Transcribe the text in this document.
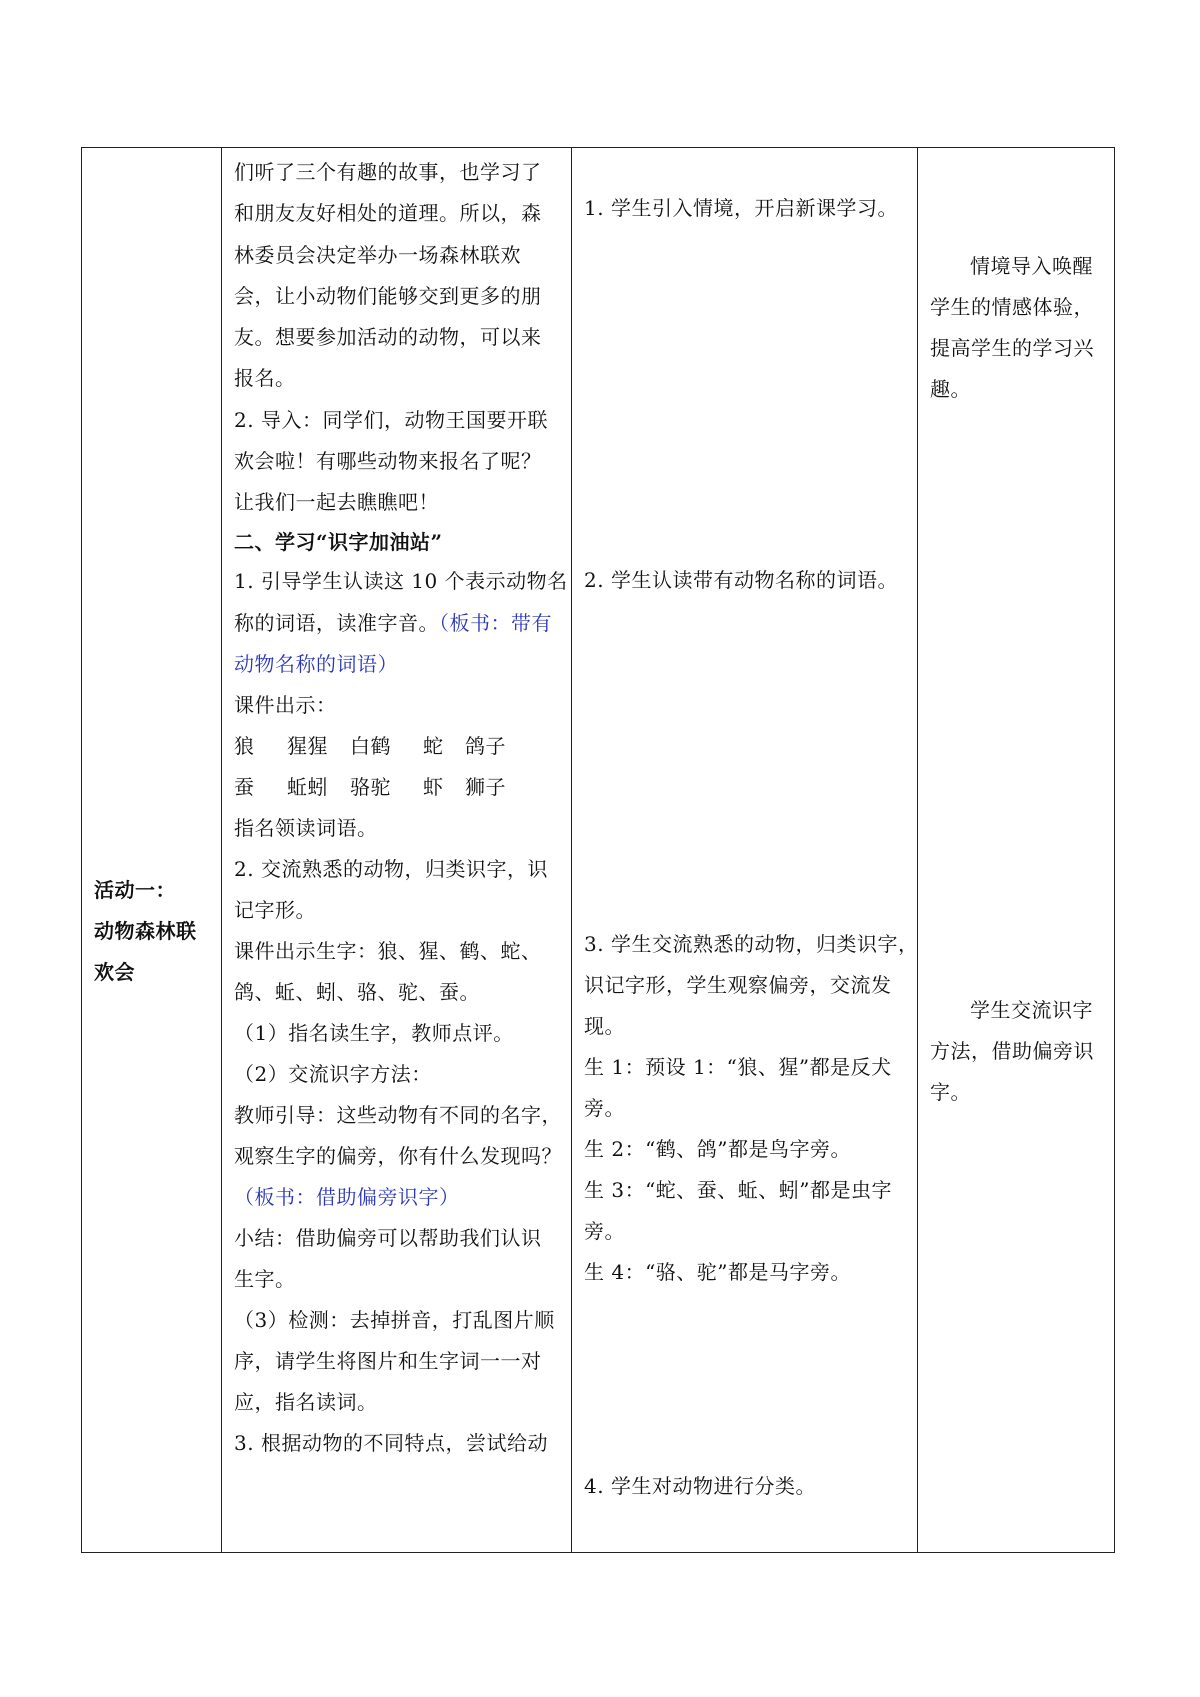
活动一：
动物森林联
欢会
们听了三个有趣的故事，也学习了
和朋友友好相处的道理。所以，森
林委员会决定举办一场森林联欢
会，让小动物们能够交到更多的朋
友。想要参加活动的动物，可以来
报名。
2. 导入：同学们，动物王国要开联
欢会啦！有哪些动物来报名了呢？
让我们一起去瞧瞧吧！
二、学习“识字加油站”
1. 引导学生认读这 10 个表示动物名
称的词语，读准字音。（板书：带有
动物名称的词语）
课件出示：
狼 猩猩 白鹤 蛇 鸽子
蚕 蚯蚓 骆驼 虾 狮子
指名领读词语。
2. 交流熟悉的动物，归类识字，识
记字形。
课件出示生字：狼、猩、鹤、蛇、
鸽、蚯、蚓、骆、驼、蚕。
（1）指名读生字，教师点评。
（2）交流识字方法：
教师引导：这些动物有不同的名字，
观察生字的偏旁，你有什么发现吗？
（板书：借助偏旁识字）
小结：借助偏旁可以帮助我们认识
生字。
（3）检测：去掉拼音，打乱图片顺
序，请学生将图片和生字词一一对
应，指名读词。
3. 根据动物的不同特点，尝试给动
1. 学生引入情境，开启新课学习。
2. 学生认读带有动物名称的词语。
3. 学生交流熟悉的动物，归类识字，
识记字形，学生观察偏旁，交流发
现。
生 1：预设 1：“狼、猩”都是反犬
旁。
生 2：“鹤、鸽”都是鸟字旁。
生 3：“蛇、蚕、蚯、蚓”都是虫字
旁。
生 4：“骆、驼”都是马字旁。
4. 学生对动物进行分类。
情境导入唤醒
学生的情感体验，
提高学生的学习兴
趣。
学生交流识字
方法，借助偏旁识
字。
